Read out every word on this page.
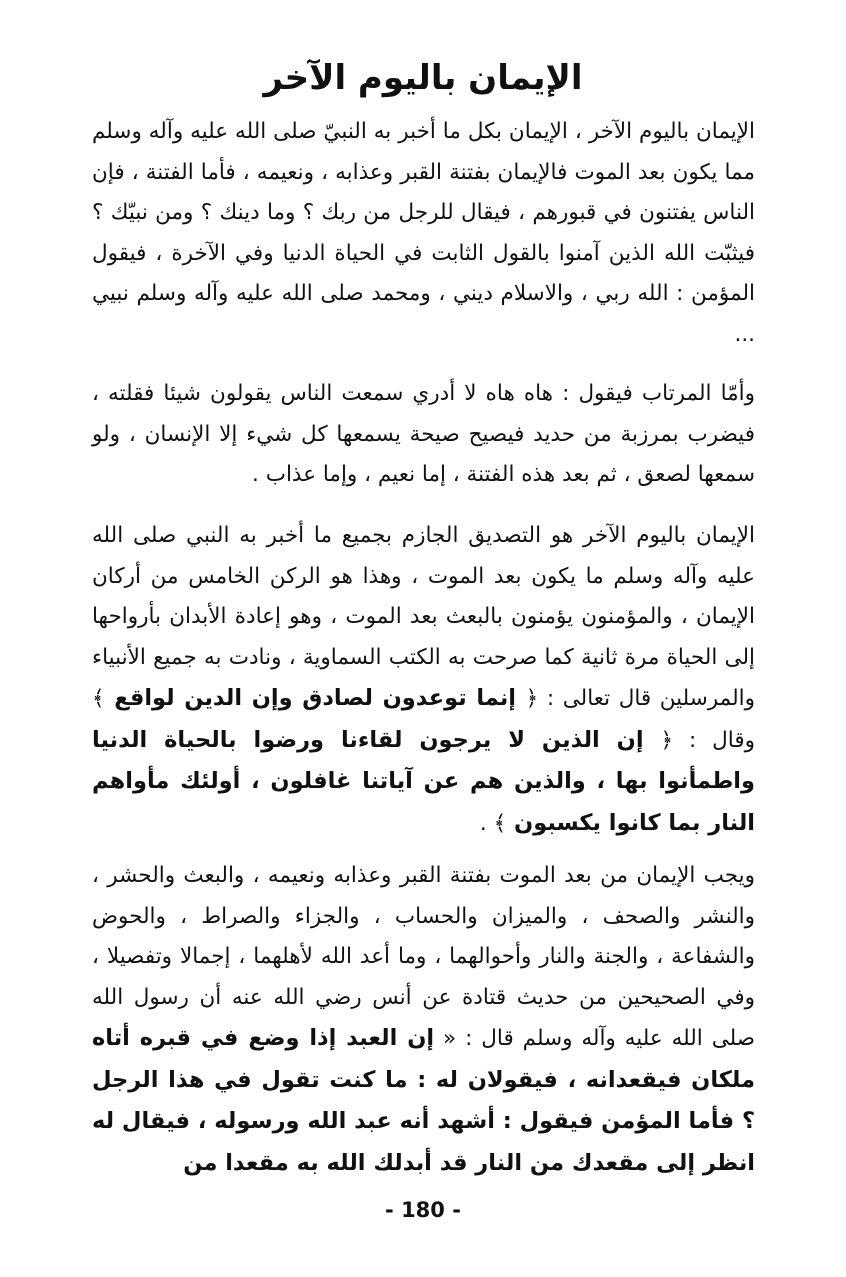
الإيمان باليوم الآخر

الإيمان باليوم الآخر ، الإيمان بكل ما أخبر به النبيّ صلى الله عليه وآله وسلم مما يكون بعد الموت فالإيمان بفتنة القبر وعذابه ، ونعيمه ، فأما الفتنة ، فإن الناس يفتنون في قبورهم ، فيقال للرجل من ربك ؟ وما دينك ؟ ومن نبيّك ؟ فيثبّت الله الذين آمنوا بالقول الثابت في الحياة الدنيا وفي الآخرة ، فيقول المؤمن : الله ربي ، والاسلام ديني ، ومحمد صلى الله عليه وآله وسلم نبيي ...

وأمّا المرتاب فيقول : هاه هاه لا أدري سمعت الناس يقولون شيئا فقلته ، فيضرب بمرزبة من حديد فيصيح صيحة يسمعها كل شيء إلا الإنسان ، ولو سمعها لصعق ، ثم بعد هذه الفتنة ، إما نعيم ، وإما عذاب .

الإيمان باليوم الآخر هو التصديق الجازم بجميع ما أخبر به النبي صلى الله عليه وآله وسلم ما يكون بعد الموت ، وهذا هو الركن الخامس من أركان الإيمان ، والمؤمنون يؤمنون بالبعث بعد الموت ، وهو إعادة الأبدان بأرواحها إلى الحياة مرة ثانية كما صرحت به الكتب السماوية ، ونادت به جميع الأنبياء والمرسلين قال تعالى : ﴿ إنما توعدون لصادق وإن الدين لواقع ﴾ وقال : ﴿ إن الذين لا يرجون لقاءنا ورضوا بالحياة الدنيا واطمأنوا بها ، والذين هم عن آياتنا غافلون ، أولئك مأواهم النار بما كانوا يكسبون ﴾ .

ويجب الإيمان من بعد الموت بفتنة القبر وعذابه ونعيمه ، والبعث والحشر ، والنشر والصحف ، والميزان والحساب ، والجزاء والصراط ، والحوض والشفاعة ، والجنة والنار وأحوالهما ، وما أعد الله لأهلهما ، إجمالا وتفصيلا ، وفي الصحيحين من حديث قتادة عن أنس رضي الله عنه أن رسول الله صلى الله عليه وآله وسلم قال : « إن العبد إذا وضع في قبره أتاه ملكان فيقعدانه ، فيقولان له : ما كنت تقول في هذا الرجل ؟ فأما المؤمن فيقول : أشهد أنه عبد الله ورسوله ، فيقال له انظر إلى مقعدك من النار قد أبدلك الله به مقعدا من

- 180 -
